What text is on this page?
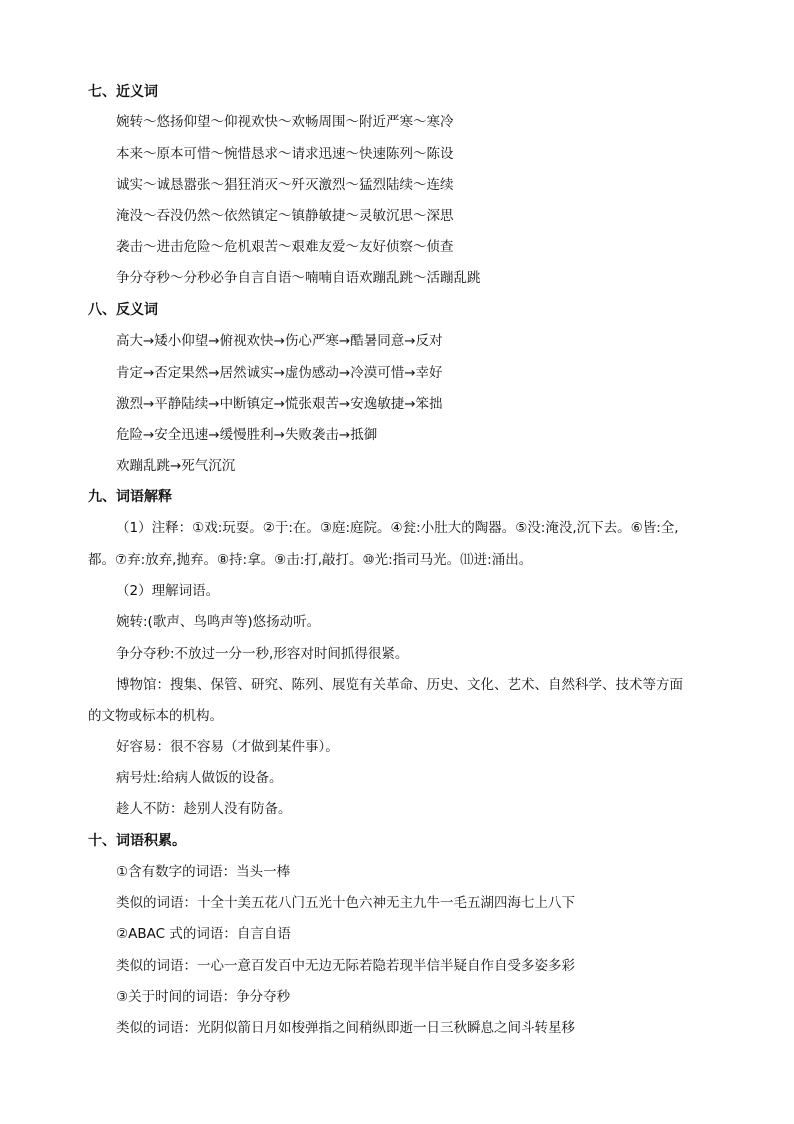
七、近义词
婉转～悠扬仰望～仰视欢快～欢畅周围～附近严寒～寒冷
本来～原本可惜～惋惜恳求～请求迅速～快速陈列～陈设
诚实～诚恳嚣张～猖狂消灭～歼灭激烈～猛烈陆续～连续
淹没～吞没仍然～依然镇定～镇静敏捷～灵敏沉思～深思
袭击～进击危险～危机艰苦～艰难友爱～友好侦察～侦查
争分夺秒～分秒必争自言自语～喃喃自语欢蹦乱跳～活蹦乱跳
八、反义词
高大→矮小仰望→俯视欢快→伤心严寒→酷暑同意→反对
肯定→否定果然→居然诚实→虚伪感动→冷漠可惜→幸好
激烈→平静陆续→中断镇定→慌张艰苦→安逸敏捷→笨拙
危险→安全迅速→缓慢胜利→失败袭击→抵御
欢蹦乱跳→死气沉沉
九、词语解释
（1）注释：①戏:玩耍。②于:在。③庭:庭院。④瓮:小肚大的陶器。⑤没:淹没,沉下去。⑥皆:全,
都。⑦弃:放弃,抛弃。⑧持:拿。⑨击:打,敲打。⑩光:指司马光。⑾迸:涌出。
（2）理解词语。
婉转:(歌声、鸟鸣声等)悠扬动听。
争分夺秒:不放过一分一秒,形容对时间抓得很紧。
博物馆：搜集、保管、研究、陈列、展览有关革命、历史、文化、艺术、自然科学、技术等方面
的文物或标本的机构。
好容易：很不容易（才做到某件事）。
病号灶:给病人做饭的设备。
趁人不防：趁别人没有防备。
十、词语积累。
①含有数字的词语：当头一棒
类似的词语：十全十美五花八门五光十色六神无主九牛一毛五湖四海七上八下
②ABAC 式的词语：自言自语
类似的词语：一心一意百发百中无边无际若隐若现半信半疑自作自受多姿多彩
③关于时间的词语：争分夺秒
类似的词语：光阴似箭日月如梭弹指之间稍纵即逝一日三秋瞬息之间斗转星移
